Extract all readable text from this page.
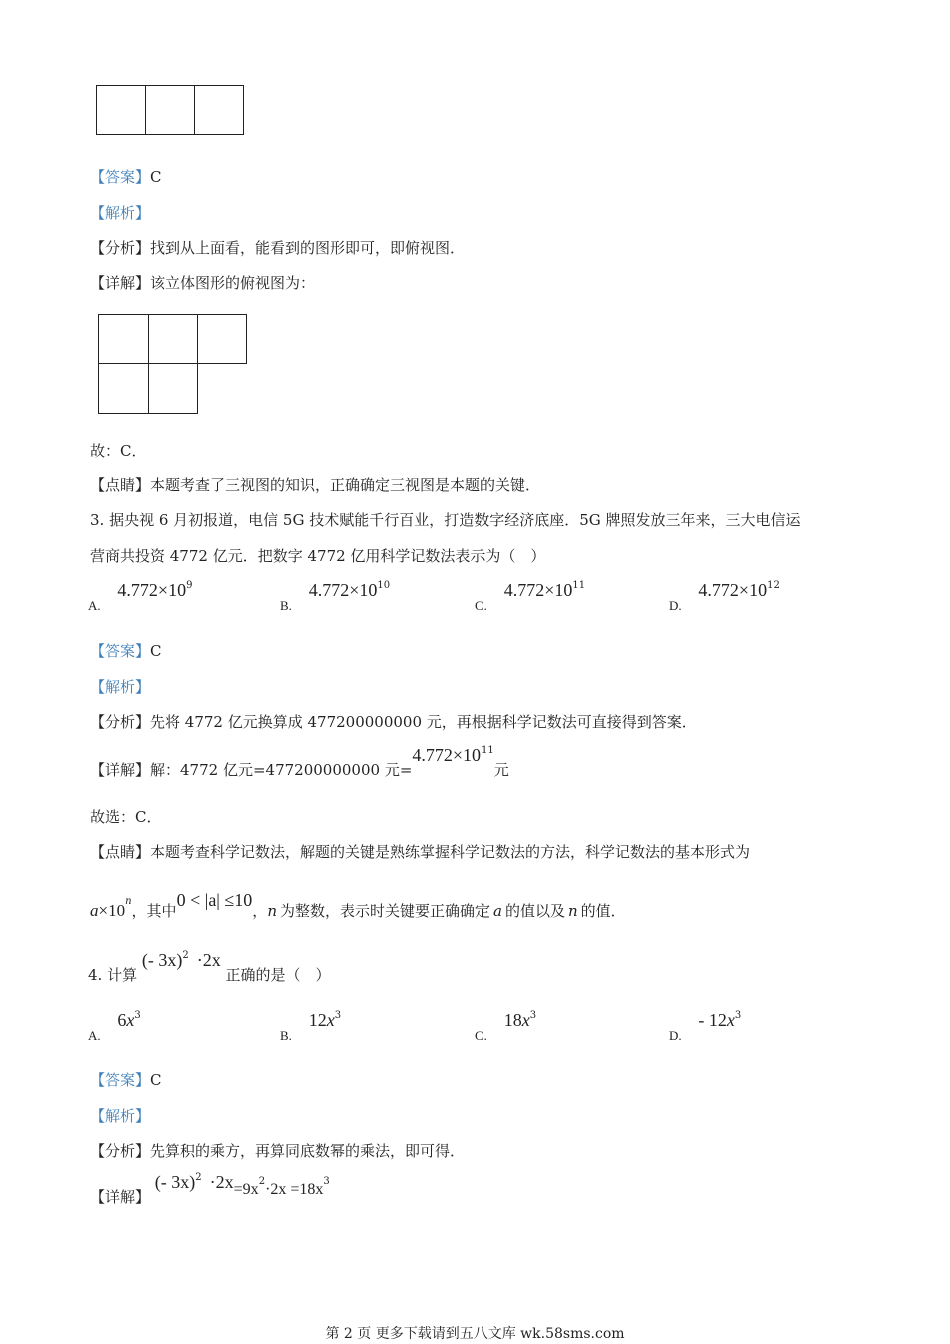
【答案】C
【解析】
【分析】找到从上面看，能看到的图形即可，即俯视图．
【详解】该立体图形的俯视图为：
故：C．
【点睛】本题考查了三视图的知识，正确确定三视图是本题的关键．
3. 据央视 6 月初报道，电信 5G 技术赋能千行百业，打造数字经济底座．5G 牌照发放三年来，三大电信运
营商共投资 4772 亿元．把数字 4772 亿用科学记数法表示为（　）
A. $4.772\times 10^9$
B. $4.772\times 10^{10}$
C. $4.772\times 10^{11}$
D. $4.772\times 10^{12}$
【答案】C
【解析】
【分析】先将 4772 亿元换算成 477200000000 元，再根据科学记数法可直接得到答案．
【详解】解：4772 亿元=477200000000 元$=4.772\times 10^{11}$元
故选：C．
【点睛】本题考查科学记数法，解题的关键是熟练掌握科学记数法的方法，科学记数法的基本形式为
$a\times 10^n$，其中0 < |a| ≤10，n 为整数，表示时关键要正确确定 a 的值以及 n 的值．
4. 计算 (- 3x)$^2$ ·2x 正确的是（　）
A. $6x^3$
B. $12x^3$
C. $18x^3$
D. - $12x^3$
【答案】C
【解析】
【分析】先算积的乘方，再算同底数幂的乘法，即可得．
【详解】 (- $3x)^2 \cdot 2x=9x^2\cdot 2x =18x^3$
第 2 页 更多下载请到五八文库 wk.58sms.com
